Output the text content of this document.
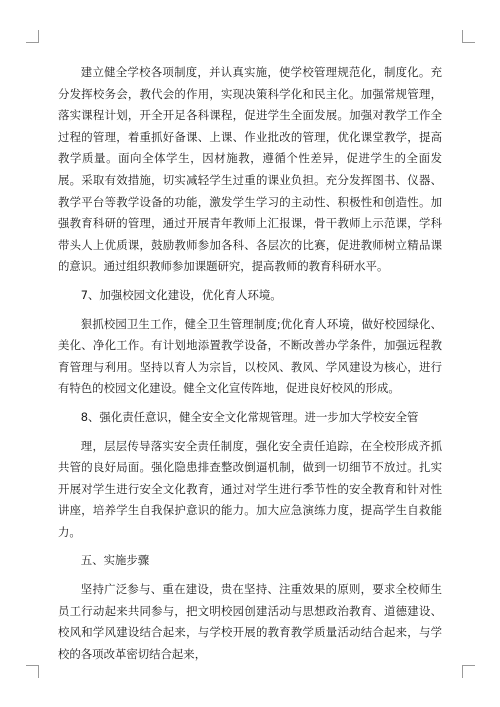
建立健全学校各项制度，并认真实施，使学校管理规范化，制度化。充分发挥校务会，教代会的作用，实现决策科学化和民主化。加强常规管理，落实课程计划，开全开足各科课程，促进学生全面发展。加强对教学工作全过程的管理，着重抓好备课、上课、作业批改的管理，优化课堂教学，提高教学质量。面向全体学生，因材施教，遵循个性差异，促进学生的全面发展。采取有效措施，切实减轻学生过重的课业负担。充分发挥图书、仪器、教学平台等教学设备的功能，激发学生学习的主动性、积极性和创造性。加强教育科研的管理，通过开展青年教师上汇报课，骨干教师上示范课，学科带头人上优质课，鼓励教师参加各科、各层次的比赛，促进教师树立精品课的意识。通过组织教师参加课题研究，提高教师的教育科研水平。

7、加强校园文化建设，优化育人环境。

狠抓校园卫生工作，健全卫生管理制度;优化育人环境，做好校园绿化、美化、净化工作。有计划地添置教学设备，不断改善办学条件，加强远程教育管理与利用。坚持以育人为宗旨，以校风、教风、学风建设为核心，进行有特色的校园文化建设。健全文化宣传阵地，促进良好校风的形成。

8、强化责任意识，健全安全文化常规管理。进一步加大学校安全管

理，层层传导落实安全责任制度，强化安全责任追踪，在全校形成齐抓共管的良好局面。强化隐患排查整改倒逼机制，做到一切细节不放过。扎实开展对学生进行安全文化教育，通过对学生进行季节性的安全教育和针对性讲座，培养学生自我保护意识的能力。加大应急演练力度，提高学生自救能力。

五、实施步骤

坚持广泛参与、重在建设，贵在坚持、注重效果的原则，要求全校师生员工行动起来共同参与，把文明校园创建活动与思想政治教育、道德建设、校风和学风建设结合起来，与学校开展的教育教学质量活动结合起来，与学校的各项改革密切结合起来，
